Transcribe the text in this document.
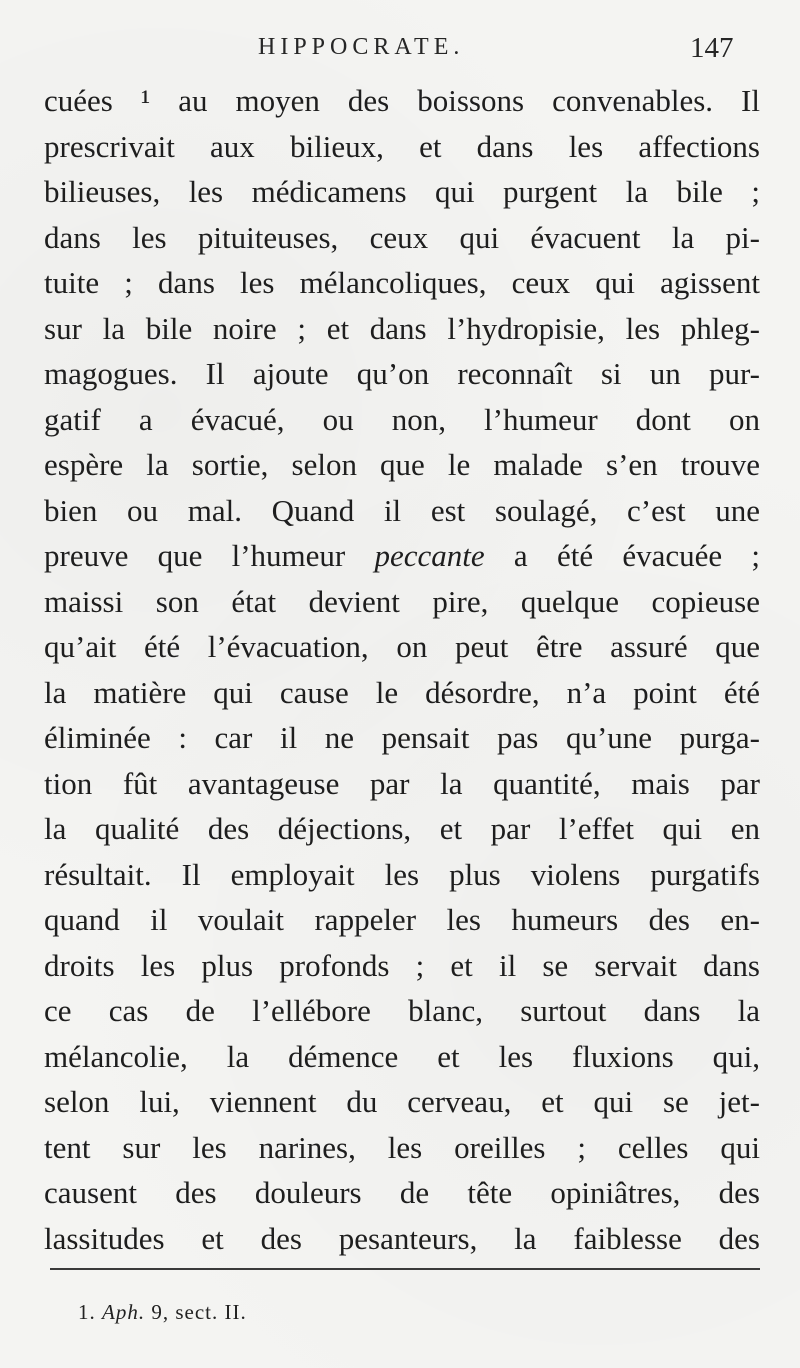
HIPPOCRATE.	147
cuées ¹ au moyen des boissons convenables. Il
prescrivait aux bilieux, et dans les affections
bilieuses, les médicamens qui purgent la bile ;
dans les pituiteuses, ceux qui évacuent la pi-
tuite ; dans les mélancoliques, ceux qui agissent
sur la bile noire ; et dans l’hydropisie, les phleg-
magogues. Il ajoute qu’on reconnaît si un pur-
gatif a évacué, ou non, l’humeur dont on
espère la sortie, selon que le malade s’en trouve
bien ou mal. Quand il est soulagé, c’est une
preuve que l’humeur peccante a été évacuée ;
maissi son état devient pire, quelque copieuse
qu’ait été l’évacuation, on peut être assuré que
la matière qui cause le désordre, n’a point été
éliminée : car il ne pensait pas qu’une purga-
tion fût avantageuse par la quantité, mais par
la qualité des déjections, et par l’effet qui en
résultait. Il employait les plus violens purgatifs
quand il voulait rappeler les humeurs des en-
droits les plus profonds ; et il se servait dans
ce cas de l’ellébore blanc, surtout dans la
mélancolie, la démence et les fluxions qui,
selon lui, viennent du cerveau, et qui se jet-
tent sur les narines, les oreilles ; celles qui
causent des douleurs de tête opiniâtres, des
lassitudes et des pesanteurs, la faiblesse des
1. Aph. 9, sect. II.
